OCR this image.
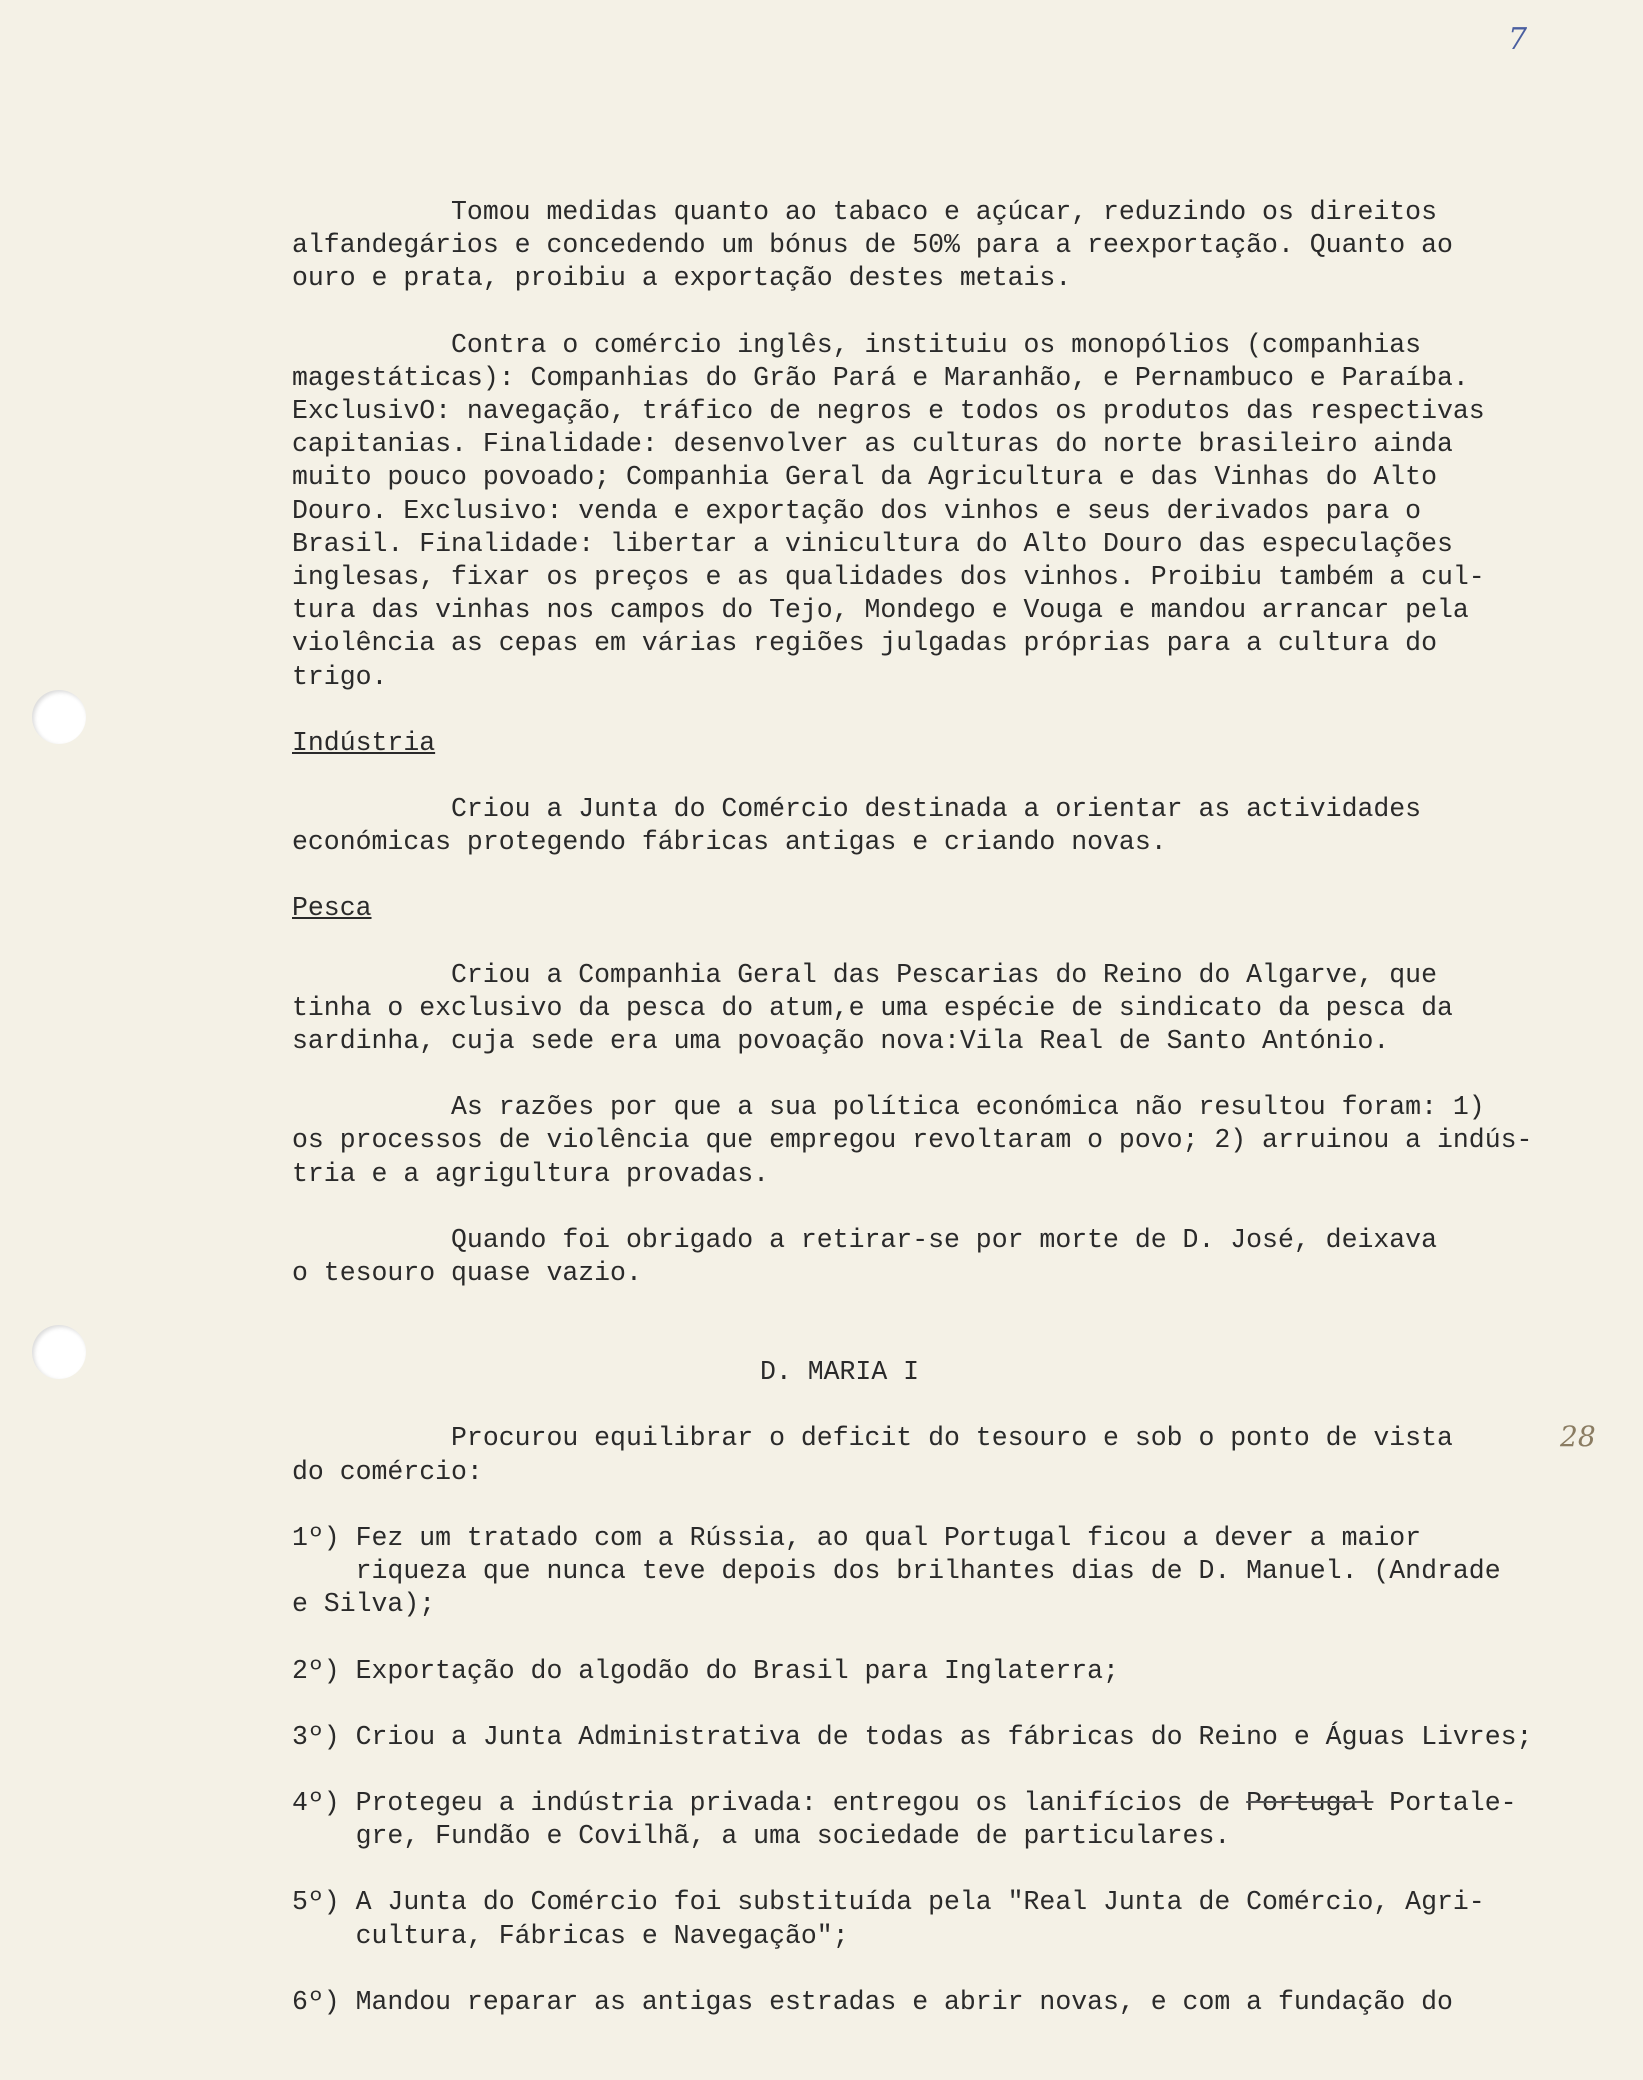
7
28

Tomou medidas quanto ao tabaco e açúcar, reduzindo os direitos

alfandegários e concedendo um bónus de 50% para a reexportação. Quanto ao

ouro e prata, proibiu a exportação destes metais.

Contra o comércio inglês, instituiu os monopólios (companhias

magestáticas): Companhias do Grão Pará e Maranhão, e Pernambuco e Paraíba.

ExclusivO: navegação, tráfico de negros e todos os produtos das respectivas

capitanias. Finalidade: desenvolver as culturas do norte brasileiro ainda

muito pouco povoado; Companhia Geral da Agricultura e das Vinhas do Alto

Douro. Exclusivo: venda e exportação dos vinhos e seus derivados para o

Brasil. Finalidade: libertar a vinicultura do Alto Douro das especulações

inglesas, fixar os preços e as qualidades dos vinhos. Proibiu também a cul-

tura das vinhas nos campos do Tejo, Mondego e Vouga e mandou arrancar pela

violência as cepas em várias regiões julgadas próprias para a cultura do

trigo.

Indústria

Criou a Junta do Comércio destinada a orientar as actividades

económicas protegendo fábricas antigas e criando novas.

Pesca

Criou a Companhia Geral das Pescarias do Reino do Algarve, que

tinha o exclusivo da pesca do atum,e uma espécie de sindicato da pesca da

sardinha, cuja sede era uma povoação nova:Vila Real de Santo António.

As razões por que a sua política económica não resultou foram: 1)

os processos de violência que empregou revoltaram o povo; 2) arruinou a indús-

tria e a agrigultura provadas.

Quando foi obrigado a retirar-se por morte de D. José, deixava

o tesouro quase vazio.

D. MARIA I

Procurou equilibrar o deficit do tesouro e sob o ponto de vista

do comércio:

1º) Fez um tratado com a Rússia, ao qual Portugal ficou a dever a maior

riqueza que nunca teve depois dos brilhantes dias de D. Manuel. (Andrade

e Silva);

2º) Exportação do algodão do Brasil para Inglaterra;

3º) Criou a Junta Administrativa de todas as fábricas do Reino e Águas Livres;

4º) Protegeu a indústria privada: entregou os lanifícios de Portugal Portale-

gre, Fundão e Covilhã, a uma sociedade de particulares.

5º) A Junta do Comércio foi substituída pela "Real Junta de Comércio, Agri-

cultura, Fábricas e Navegação";

6º) Mandou reparar as antigas estradas e abrir novas, e com a fundação do
